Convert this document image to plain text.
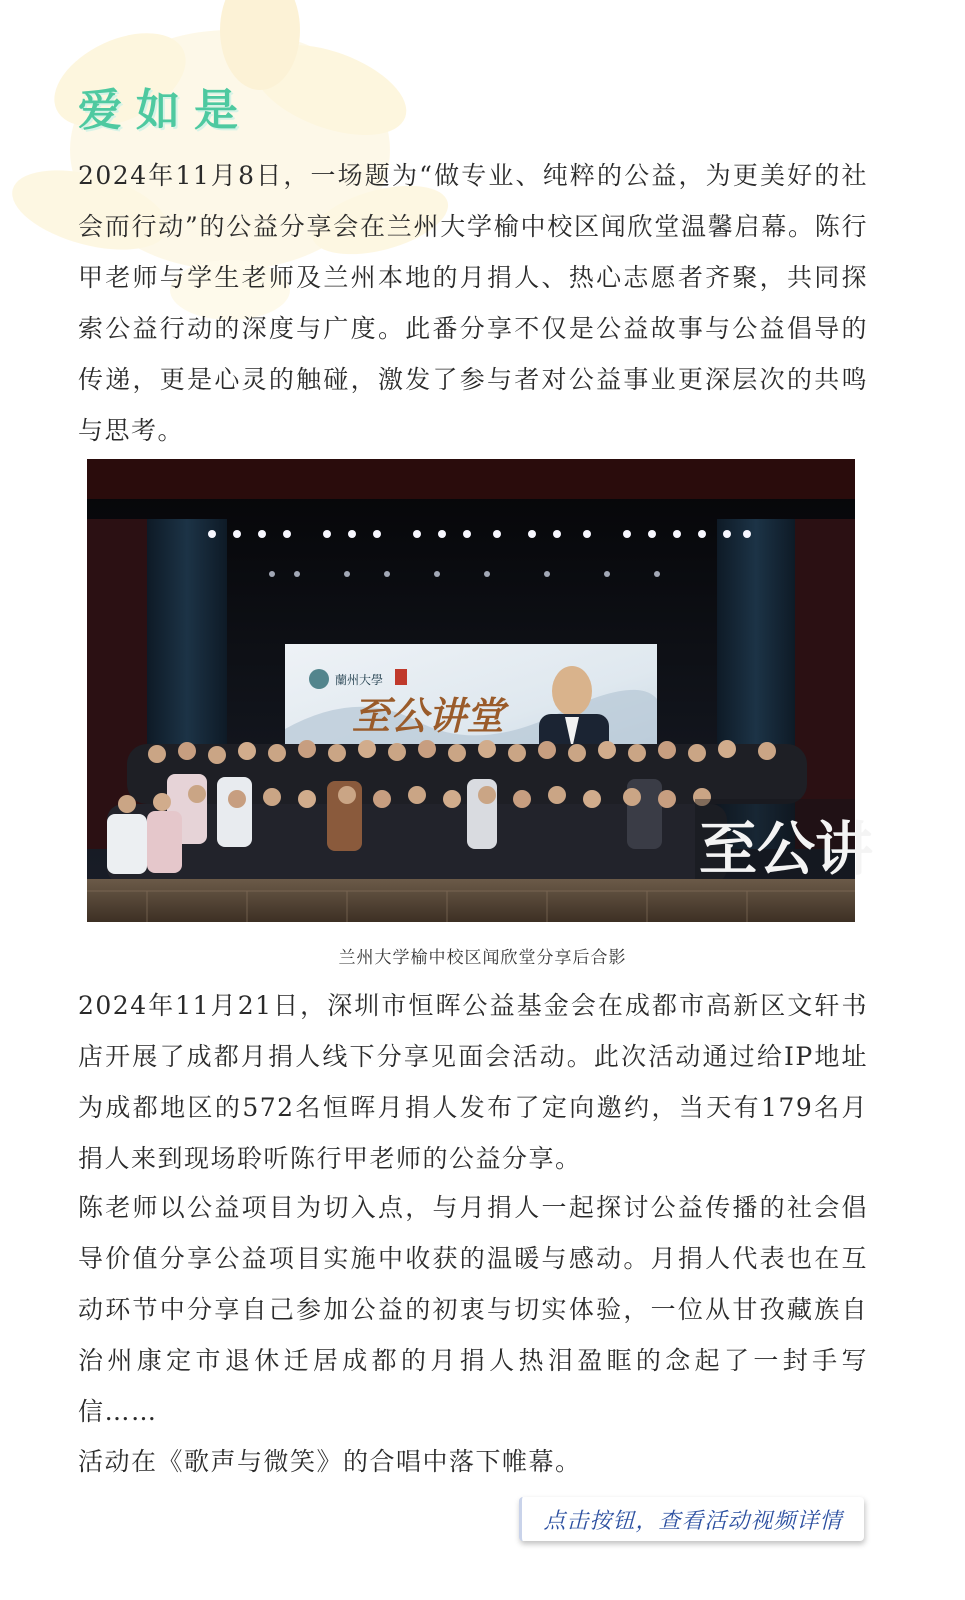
爱如是

2024年11月8日，一场题为“做专业、纯粹的公益，为更美好的社会而行动”的公益分享会在兰州大学榆中校区闻欣堂温馨启幕。陈行甲老师与学生老师及兰州本地的月捐人、热心志愿者齐聚，共同探索公益行动的深度与广度。此番分享不仅是公益故事与公益倡导的传递，更是心灵的触碰，激发了参与者对公益事业更深层次的共鸣与思考。

2024年11月21日，深圳市恒晖公益基金会在成都市高新区文轩书店开展了成都月捐人线下分享见面会活动。此次活动通过给IP地址为成都地区的572名恒晖月捐人发布了定向邀约，当天有179名月捐人来到现场聆听陈行甲老师的公益分享。

陈老师以公益项目为切入点，与月捐人一起探讨公益传播的社会倡导价值分享公益项目实施中收获的温暖与感动。月捐人代表也在互动环节中分享自己参加公益的初衷与切实体验，一位从甘孜藏族自治州康定市退休迁居成都的月捐人热泪盈眶的念起了一封手写信……

活动在《歌声与微笑》的合唱中落下帷幕。

蘭州大學
至公讲堂
至公讲
兰州大学榆中校区闻欣堂分享后合影
点击按钮，查看活动视频详情
